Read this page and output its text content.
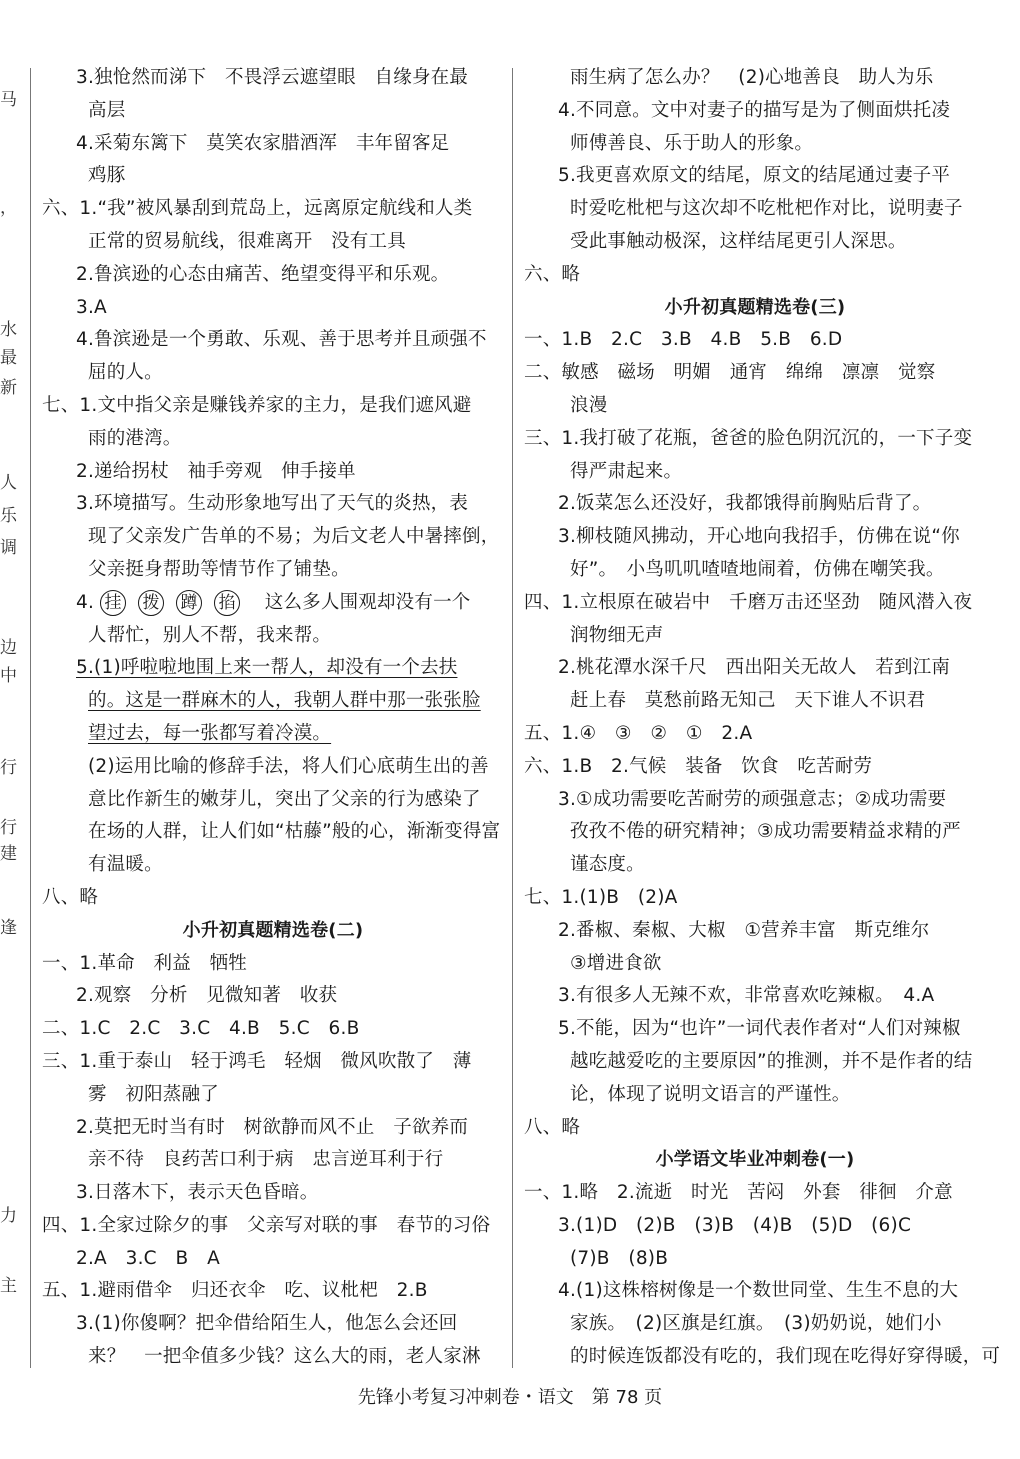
马
，
水
最
新
人
乐
调
边
中
行
行
建
逢
力
主
3.独怆然而涕下　不畏浮云遮望眼　自缘身在最
高层
4.采菊东篱下　莫笑农家腊酒浑　丰年留客足
鸡豚
六、1.“我”被风暴刮到荒岛上，远离原定航线和人类
正常的贸易航线，很难离开　没有工具
2.鲁滨逊的心态由痛苦、绝望变得平和乐观。
3.A
4.鲁滨逊是一个勇敢、乐观、善于思考并且顽强不
屈的人。
七、1.文中指父亲是赚钱养家的主力，是我们遮风避
雨的港湾。
2.递给拐杖　袖手旁观　伸手接单
3.环境描写。生动形象地写出了天气的炎热，表
现了父亲发广告单的不易；为后文老人中暑摔倒，
父亲挺身帮助等情节作了铺垫。
4. 挂 拨 蹲 掐　这么多人围观却没有一个
人帮忙，别人不帮，我来帮。
5.(1)呼啦啦地围上来一帮人，却没有一个去扶
的。这是一群麻木的人，我朝人群中那一张张脸
望过去，每一张都写着冷漠。
(2)运用比喻的修辞手法，将人们心底萌生出的善
意比作新生的嫩芽儿，突出了父亲的行为感染了
在场的人群，让人们如“枯藤”般的心，渐渐变得富
有温暖。
八、略
小升初真题精选卷(二)
一、1.革命　利益　牺牲
2.观察　分析　见微知著　收获
二、1.C　2.C　3.C　4.B　5.C　6.B
三、1.重于泰山　轻于鸿毛　轻烟　微风吹散了　薄
雾　初阳蒸融了
2.莫把无时当有时　树欲静而风不止　子欲养而
亲不待　良药苦口利于病　忠言逆耳利于行
3.日落木下，表示天色昏暗。
四、1.全家过除夕的事　父亲写对联的事　春节的习俗
2.A　3.C　B　A
五、1.避雨借伞　归还衣伞　吃、议枇杷　2.B
3.(1)你傻啊？把伞借给陌生人，他怎么会还回
来？　一把伞值多少钱？这么大的雨，老人家淋
雨生病了怎么办？　(2)心地善良　助人为乐
4.不同意。文中对妻子的描写是为了侧面烘托凌
师傅善良、乐于助人的形象。
5.我更喜欢原文的结尾，原文的结尾通过妻子平
时爱吃枇杷与这次却不吃枇杷作对比，说明妻子
受此事触动极深，这样结尾更引人深思。
六、略
小升初真题精选卷(三)
一、1.B　2.C　3.B　4.B　5.B　6.D
二、敏感　磁场　明媚　通宵　绵绵　凛凛　觉察
浪漫
三、1.我打破了花瓶，爸爸的脸色阴沉沉的，一下子变
得严肃起来。
2.饭菜怎么还没好，我都饿得前胸贴后背了。
3.柳枝随风拂动，开心地向我招手，仿佛在说“你
好”。　小鸟叽叽喳喳地闹着，仿佛在嘲笑我。
四、1.立根原在破岩中　千磨万击还坚劲　随风潜入夜
润物细无声
2.桃花潭水深千尺　西出阳关无故人　若到江南
赶上春　莫愁前路无知己　天下谁人不识君
五、1.④　③　②　①　2.A
六、1.B　2.气候　装备　饮食　吃苦耐劳
3.①成功需要吃苦耐劳的顽强意志；②成功需要
孜孜不倦的研究精神；③成功需要精益求精的严
谨态度。
七、1.(1)B　(2)A
2.番椒、秦椒、大椒　①营养丰富　斯克维尔
③增进食欲
3.有很多人无辣不欢，非常喜欢吃辣椒。　4.A
5.不能，因为“也许”一词代表作者对“人们对辣椒
越吃越爱吃的主要原因”的推测，并不是作者的结
论，体现了说明文语言的严谨性。
八、略
小学语文毕业冲刺卷(一)
一、1.略　2.流逝　时光　苦闷　外套　徘徊　介意
3.(1)D　(2)B　(3)B　(4)B　(5)D　(6)C
(7)B　(8)B
4.(1)这株榕树像是一个数世同堂、生生不息的大
家族。　(2)区旗是红旗。　(3)奶奶说，她们小
的时候连饭都没有吃的，我们现在吃得好穿得暖，可
先锋小考复习冲刺卷・语文　第 78 页
